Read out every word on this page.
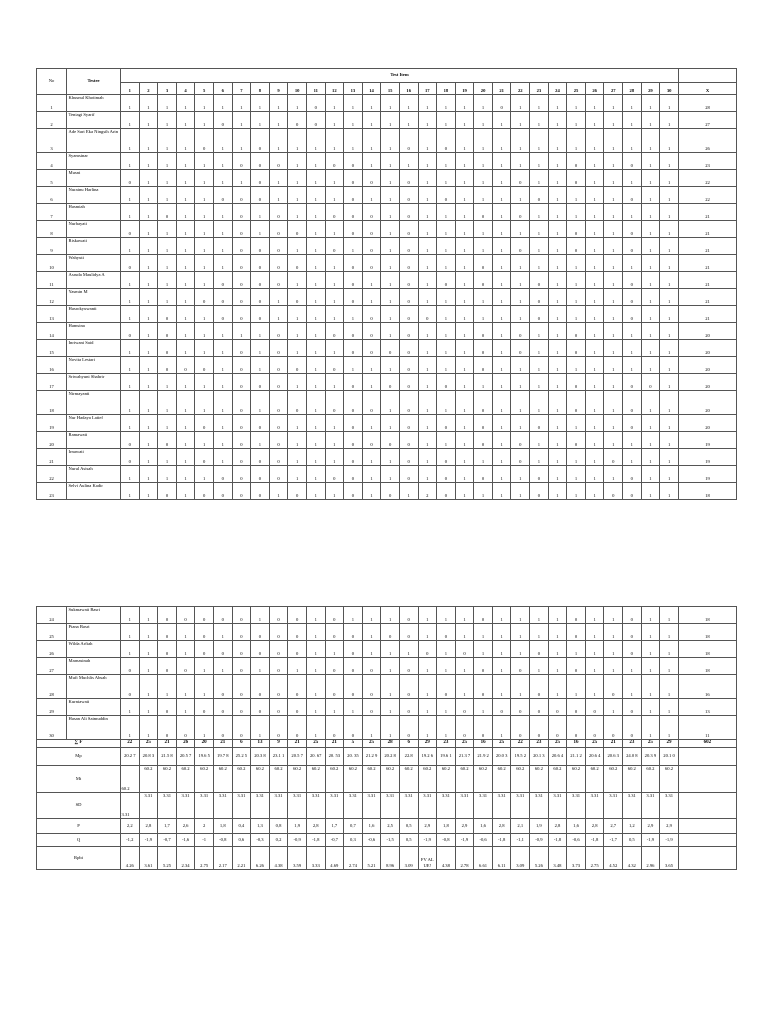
No	Testee	Test Item																														
		1	2	3	4	5	6	7	8	9	10	11	12	13	14	15	16	17	18	19	20	21	22	23	24	25	26	27	28	29	30	X
1	Khusnul Khotimah	1	1	1	1	1	1	1	1	1	1	0	1	1	1	1	1	1	1	1	1	0	1	1	1	1	1	1	1	1	1	28
2	Teniagi Syarif	1	1	1	1	1	0	1	1	1	0	0	1	1	1	1	1	1	1	1	1	1	1	1	1	1	1	1	1	1	1	27
3	Ade Sari Eka Ningsih Arin	1	1	1	1	0	1	1	0	1	1	1	1	1	1	1	0	1	0	1	1	1	1	1	1	1	1	1	1	1	1	26
4	Syamsinar	1	1	1	1	1	1	0	0	0	1	1	0	0	1	1	1	1	1	1	1	1	1	1	1	0	1	1	0	1	1	23
5	Musni	0	1	1	1	1	1	1	0	1	1	1	1	0	0	1	0	1	1	1	1	1	0	1	1	0	1	1	1	1	1	22
6	Nurainu Harlina	1	1	1	1	1	0	0	0	1	1	1	1	0	1	1	0	1	0	1	1	1	1	0	1	1	1	1	0	1	1	22
7	Hasmiah	1	1	0	1	1	1	0	1	0	1	1	0	0	0	1	0	1	1	1	0	1	0	1	1	1	1	1	1	1	1	21
8	Nurhayati	0	1	1	1	1	1	0	1	0	0	1	1	0	0	1	0	1	1	1	1	1	1	1	1	0	1	1	0	1	1	21
9	Riskawati	1	1	1	1	1	1	0	0	0	1	1	0	1	0	1	0	1	1	1	1	1	0	1	1	0	1	1	0	1	1	21
10	Wahyuti	0	1	1	1	1	1	0	0	0	0	1	1	0	0	1	0	1	1	1	0	1	1	1	1	1	1	1	1	1	1	21
11	Asruda Maulidya A	1	1	1	1	1	0	0	0	0	1	1	1	0	1	1	0	1	0	1	0	1	1	0	1	1	1	1	0	1	1	21
12	Yasmin M	1	1	1	1	0	0	0	0	1	0	1	1	0	1	1	0	1	1	1	1	1	1	0	1	1	1	1	0	1	1	21
13	Hasrokyuwanti	1	1	0	1	1	0	0	0	1	1	1	1	1	0	1	0	0	1	1	1	1	1	0	1	1	1	1	0	1	1	21
14	Hamsina	0	1	0	1	1	1	1	1	0	1	1	0	0	0	1	0	1	1	1	0	1	0	1	1	0	1	1	1	1	1	20
15	Inriwani Said	1	1	0	1	1	1	0	1	0	1	1	1	0	0	0	0	1	1	1	0	1	0	1	1	0	1	1	1	1	1	20
16	Novita Lestari	1	1	0	0	0	1	0	1	0	0	1	0	1	1	1	0	1	1	1	0	1	1	1	1	1	1	1	1	1	1	20
17	Sriwahyuni Shahrir	1	1	1	1	1	1	0	0	0	1	1	1	0	1	0	0	1	0	1	1	1	1	1	1	0	1	1	0	0	1	20
18	Nirmayanti	1	1	1	1	1	1	0	1	0	0	1	0	0	0	1	0	1	1	1	0	1	1	1	1	0	1	1	0	1	1	20
19	Nur Hadaya Latief	1	1	1	1	0	1	0	0	0	1	1	1	0	1	1	0	1	0	1	0	1	1	0	1	1	1	1	0	1	1	20
20	Ramawati	0	1	0	1	1	1	0	1	0	1	1	1	0	0	0	0	1	1	1	0	1	0	1	1	0	1	1	1	1	1	19
21	Irnawati	0	1	1	1	0	1	0	0	0	1	1	1	0	1	1	0	1	0	1	1	1	0	1	1	1	1	0	1	1	1	19
22	Nurul Asisah	1	1	1	1	1	0	0	0	0	1	1	0	0	1	1	0	1	0	1	0	1	1	0	1	1	1	1	0	1	1	19
23	Selvi Aulina Kadir	1	1	0	1	0	0	0	0	1	0	1	1	0	1	0	1	2	0	1	1	1	1	0	1	1	1	0	0	1	1	18
24	Sukmawati Basri	1	1	0	0	0	0	0	1	0	0	1	0	1	1	1	0	1	1	1	0	1	1	1	1	0	1	1	0	1	1	18
25	Piana Basri	1	1	0	1	0	1	0	0	0	0	1	0	0	1	0	0	1	0	1	1	1	1	1	1	0	1	1	0	1	1	18
26	Wilda Arfiah	1	1	0	1	0	0	0	0	0	0	1	1	0	1	1	1	0	1	0	1	1	1	0	1	1	1	1	0	1	1	18
27	Marnasinah	0	1	0	0	1	1	0	1	0	1	1	0	0	0	1	0	1	1	1	0	1	0	1	1	0	1	1	1	1	1	18
28	Mufi Muchlis Absah	0	1	1	1	1	0	0	0	0	0	1	0	0	0	1	0	1	0	1	0	1	1	0	1	1	1	0	1	1	1	16
29	Kurniawati	1	1	0	1	0	0	0	0	0	0	1	1	1	0	1	0	1	1	0	1	0	0	0	0	0	0	1	0	1	1	13
30	Hasan Ali Saimuddin	1	1	0	0	1	0	0	1	0	0	1	0	0	1	1	0	1	1	0	0	1	0	0	0	0	0	0	0	1	1	11
∑ F		22	25	21	26	20	21	6	13	9	21	25	21	5	25	28	6	29	23	25	16	25	22	23	25	16	25	21	23	25	29	602
Mp		20.2 7	20.8 3	21.5 8	20.5 7	19.6 5	19.7 8	25.2 5	20.3 8	23.1 1	20.5 7	20. 67	20. 53	20. 35	21.2 9	20.2 8	22.8	19.2 6	19.6 1	21.3 7	21.9 2	20.0 3	19.5 2	20.1 3	20.6 4	21.1 2	20.6 4	20.6 3	24.0 8	20.3 9	20.1 0	
Mt		60.2	60.2	60.2	60.2	60.2	60.2	60.2	60.2	60.2	60.2	60.2	60.2	60.2	60.2	60.2	60.2	60.2	60.2	60.2	60.2	60.2	60.2	60.2	60.2	60.2	60.2	60.2	60.2	60.2	60.2	
SD		3.31	3.31	3.31	3.31	3.31	3.31	3.31	3.31	3.31	3.31	3.31	3.31	3.31	3.31	3.31	3.31	3.31	3.31	3.31	3.31	3.31	3.31	3.31	3.31	3.31	3.31	3.31	3.31	3.31	3.31	
P		2,2	2,8	1,7	2,6	2	1,8	0,4	1,3	0,8	1,9	2,8	1,7	0,7	1,6	2,5	0,5	2,9	1,8	2,9	1,6	2,8	2,1	1,9	2,8	1,6	2,8	2,7	1,2	2,9	2,9	
Q		-1,2	-1,9	-0,7	-1,6	-1	-0,8	0,6	-0,3	0,2	-0,9	-1,8	-0,7	0,3	-0,6	-1,5	0,5	-1,9	-0,8	-1,9	-0,6	-1,8	-1,1	-0,9	-1,8	-0,6	-1,8	-1,7	0,5	-1,9	-1,9	
Rpbi		4.26	3.61	5.25	2.34	2.75	2.17	2.21	6.26	4.38	3.59	3.33	4.69	2.74	5.21	8.96	3.09	FV AL UE!	4.38	2.78	6.61	6.11	3.09	5.26	3.48	3.73	2.75	4.52	4.32	2.96	3.65	
